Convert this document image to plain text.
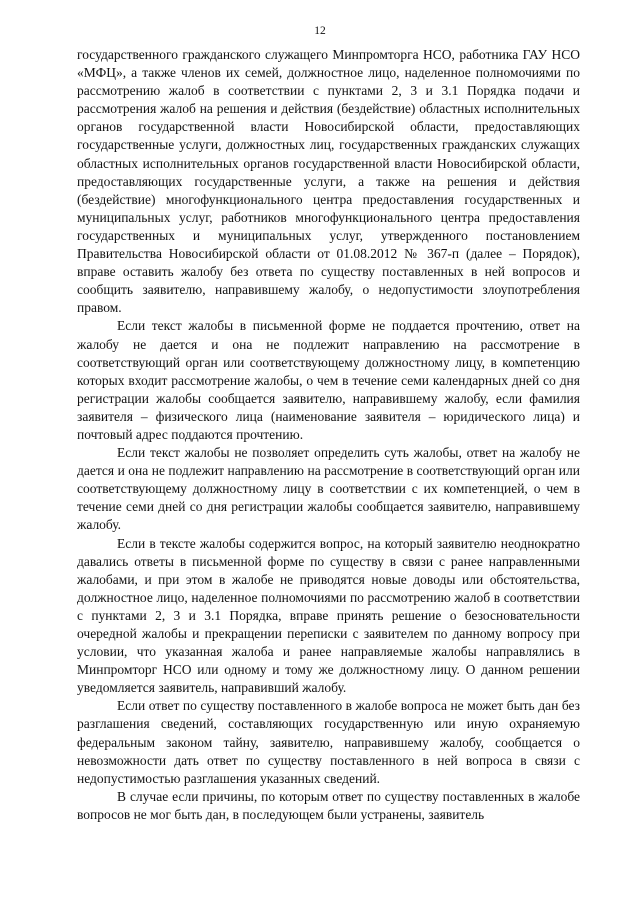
12

государственного гражданского служащего Минпромторга НСО, работника ГАУ НСО «МФЦ», а также членов их семей, должностное лицо, наделенное полномочиями по рассмотрению жалоб в соответствии с пунктами 2, 3 и 3.1 Порядка подачи и рассмотрения жалоб на решения и действия (бездействие) областных исполнительных органов государственной власти Новосибирской области, предоставляющих государственные услуги, должностных лиц, государственных гражданских служащих областных исполнительных органов государственной власти Новосибирской области, предоставляющих государственные услуги, а также на решения и действия (бездействие) многофункционального центра предоставления государственных и муниципальных услуг, работников многофункционального центра предоставления государственных и муниципальных услуг, утвержденного постановлением Правительства Новосибирской области от 01.08.2012 № 367-п (далее – Порядок), вправе оставить жалобу без ответа по существу поставленных в ней вопросов и сообщить заявителю, направившему жалобу, о недопустимости злоупотребления правом.

Если текст жалобы в письменной форме не поддается прочтению, ответ на жалобу не дается и она не подлежит направлению на рассмотрение в соответствующий орган или соответствующему должностному лицу, в компетенцию которых входит рассмотрение жалобы, о чем в течение семи календарных дней со дня регистрации жалобы сообщается заявителю, направившему жалобу, если фамилия заявителя – физического лица (наименование заявителя – юридического лица) и почтовый адрес поддаются прочтению.

Если текст жалобы не позволяет определить суть жалобы, ответ на жалобу не дается и она не подлежит направлению на рассмотрение в соответствующий орган или соответствующему должностному лицу в соответствии с их компетенцией, о чем в течение семи дней со дня регистрации жалобы сообщается заявителю, направившему жалобу.

Если в тексте жалобы содержится вопрос, на который заявителю неоднократно давались ответы в письменной форме по существу в связи с ранее направленными жалобами, и при этом в жалобе не приводятся новые доводы или обстоятельства, должностное лицо, наделенное полномочиями по рассмотрению жалоб в соответствии с пунктами 2, 3 и 3.1 Порядка, вправе принять решение о безосновательности очередной жалобы и прекращении переписки с заявителем по данному вопросу при условии, что указанная жалоба и ранее направляемые жалобы направлялись в Минпромторг НСО или одному и тому же должностному лицу. О данном решении уведомляется заявитель, направивший жалобу.

Если ответ по существу поставленного в жалобе вопроса не может быть дан без разглашения сведений, составляющих государственную или иную охраняемую федеральным законом тайну, заявителю, направившему жалобу, сообщается о невозможности дать ответ по существу поставленного в ней вопроса в связи с недопустимостью разглашения указанных сведений.

В случае если причины, по которым ответ по существу поставленных в жалобе вопросов не мог быть дан, в последующем были устранены, заявитель
